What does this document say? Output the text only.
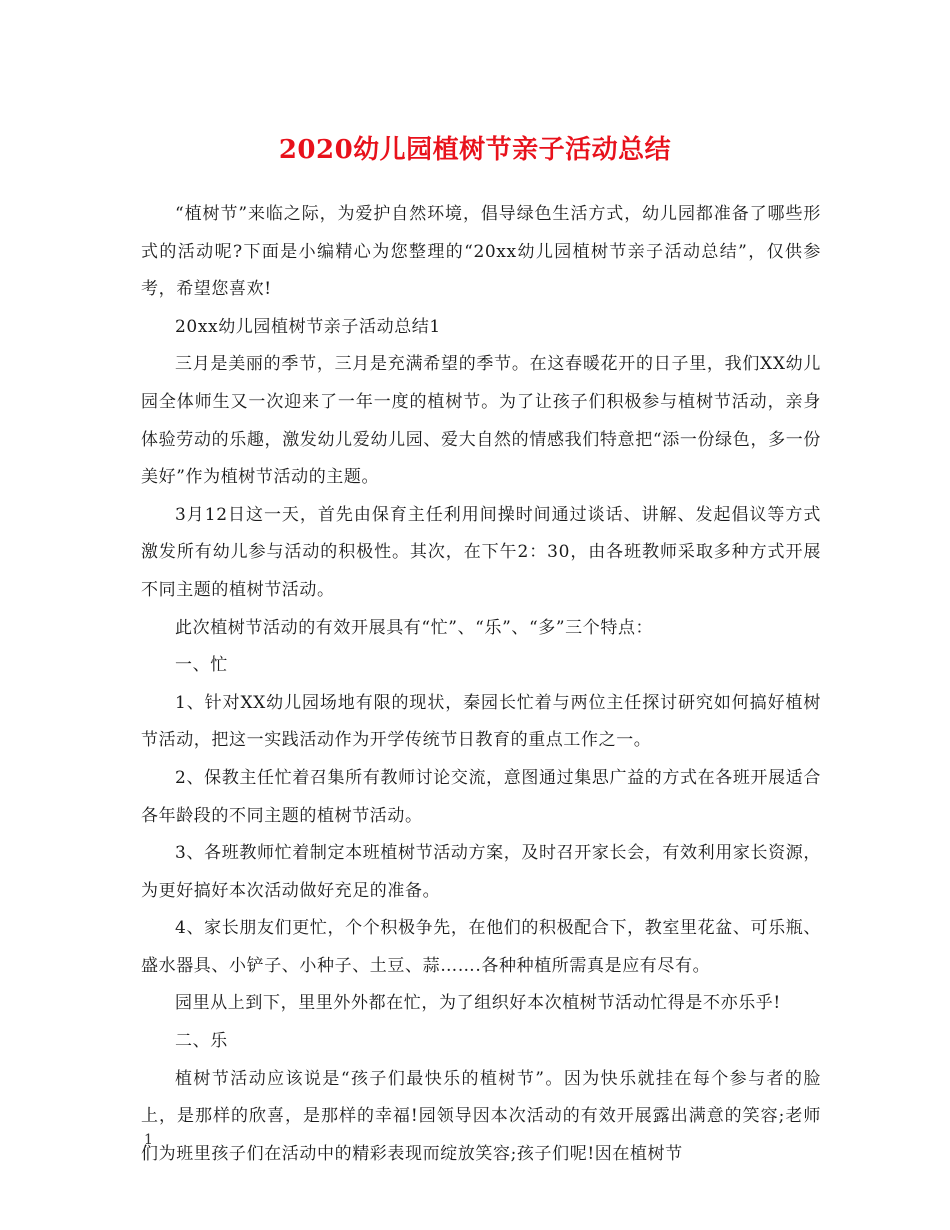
2020幼儿园植树节亲子活动总结

“植树节”来临之际，为爱护自然环境，倡导绿色生活方式，幼儿园都准备了哪些形式的活动呢?下面是小编精心为您整理的“20xx幼儿园植树节亲子活动总结”，仅供参考，希望您喜欢!

20xx幼儿园植树节亲子活动总结1

三月是美丽的季节，三月是充满希望的季节。在这春暖花开的日子里，我们XX幼儿园全体师生又一次迎来了一年一度的植树节。为了让孩子们积极参与植树节活动，亲身体验劳动的乐趣，激发幼儿爱幼儿园、爱大自然的情感我们特意把“添一份绿色，多一份美好”作为植树节活动的主题。

3月12日这一天，首先由保育主任利用间操时间通过谈话、讲解、发起倡议等方式激发所有幼儿参与活动的积极性。其次，在下午2：30，由各班教师采取多种方式开展不同主题的植树节活动。

此次植树节活动的有效开展具有“忙”、“乐”、“多”三个特点：

一、忙

1、针对XX幼儿园场地有限的现状，秦园长忙着与两位主任探讨研究如何搞好植树节活动，把这一实践活动作为开学传统节日教育的重点工作之一。

2、保教主任忙着召集所有教师讨论交流，意图通过集思广益的方式在各班开展适合各年龄段的不同主题的植树节活动。

3、各班教师忙着制定本班植树节活动方案，及时召开家长会，有效利用家长资源，为更好搞好本次活动做好充足的准备。

4、家长朋友们更忙，个个积极争先，在他们的积极配合下，教室里花盆、可乐瓶、盛水器具、小铲子、小种子、土豆、蒜…….各种种植所需真是应有尽有。

园里从上到下，里里外外都在忙，为了组织好本次植树节活动忙得是不亦乐乎!

二、乐

植树节活动应该说是“孩子们最快乐的植树节”。因为快乐就挂在每个参与者的脸上，是那样的欣喜，是那样的幸福!园领导因本次活动的有效开展露出满意的笑容;老师们为班里孩子们在活动中的精彩表现而绽放笑容;孩子们呢!因在植树节

1
